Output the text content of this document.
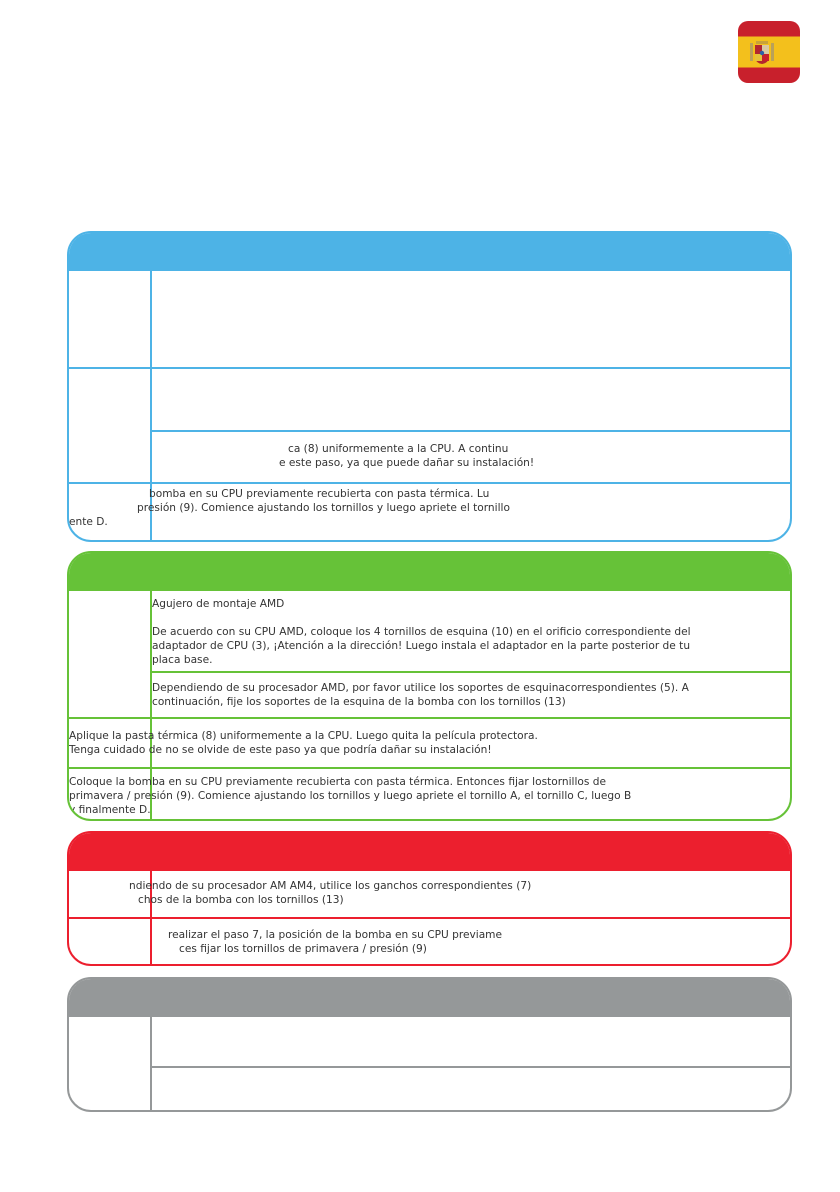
ca (8) uniformemente a la CPU. A continu
e este paso, ya que puede dañar su instalación!
bomba en su CPU previamente recubierta con pasta térmica. Lu
presión (9). Comience ajustando los tornillos y luego apriete el tornillo
ente D.
Agujero de montaje AMD
De acuerdo con su CPU AMD, coloque los 4 tornillos de esquina (10) en el orificio correspondiente del
adaptador de CPU (3), ¡Atención a la dirección! Luego instala el adaptador en la parte posterior de tu
placa base.
Dependiendo de su procesador AMD, por favor utilice los soportes de esquinacorrespondientes (5). A
continuación, fije los soportes de la esquina de la bomba con los tornillos (13)
Aplique la pasta térmica (8) uniformemente a la CPU. Luego quita la película protectora.
Tenga cuidado de no se olvide de este paso ya que podría dañar su instalación!
Coloque la bomba en su CPU previamente recubierta con pasta térmica. Entonces fijar lostornillos de
primavera / presión (9). Comience ajustando los tornillos y luego apriete el tornillo A, el tornillo C, luego B
y finalmente D.
ndiendo de su procesador AM AM4, utilice los ganchos correspondientes (7)
chos de la bomba con los tornillos (13)
realizar el paso 7, la posición de la bomba en su CPU previame
ces fijar los tornillos de primavera / presión (9)
